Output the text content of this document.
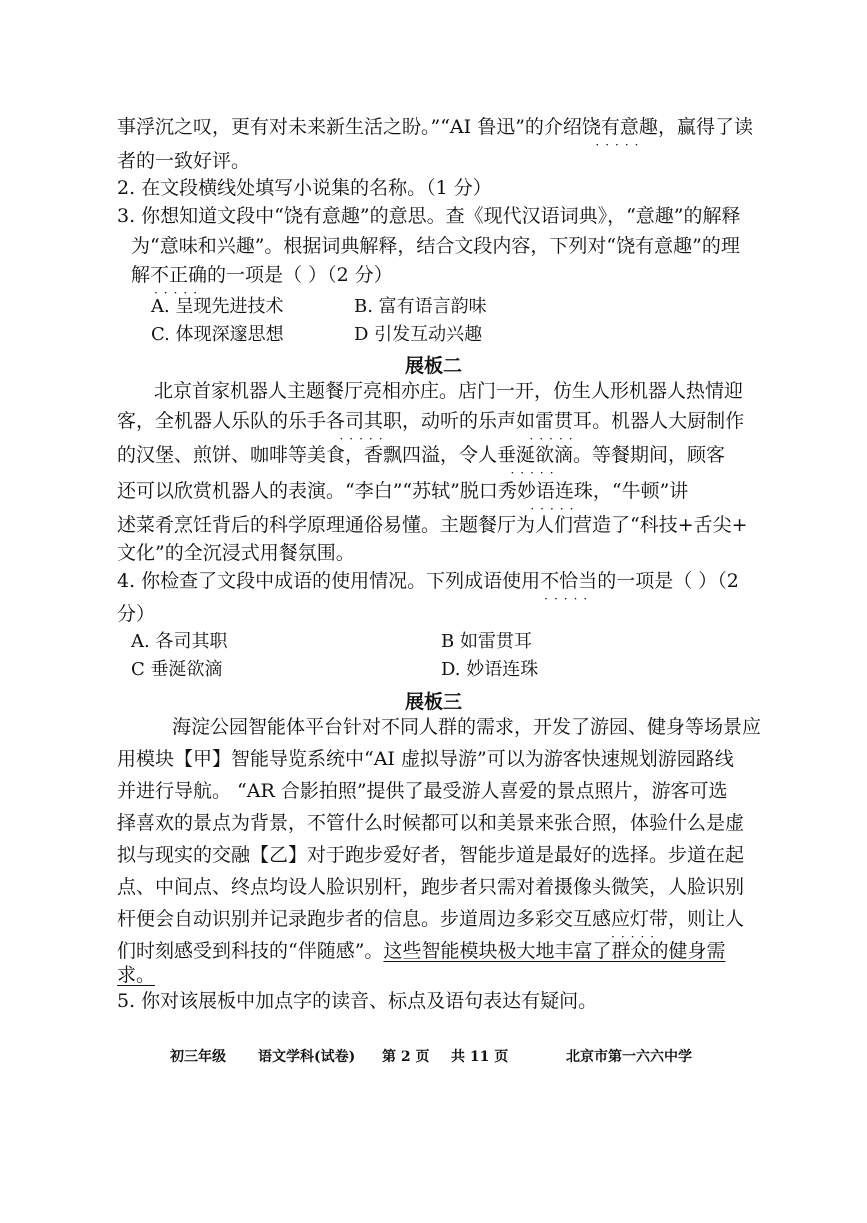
事浮沉之叹，更有对未来新生活之盼。”“AI 鲁迅”的介绍饶有意趣 ·····，赢得了读
者的一致好评。
2. 在文段横线处填写小说集的名称。（1 分）
3. 你想知道文段中“饶有意趣”的意思。查《现代汉语词典》，“意趣”的解释
为“意味和兴趣”。根据词典解释，结合文段内容，下列对“饶有意趣”的理
解不正确 ·····的一项是（ ）（2 分）
A. 呈现先进技术	B. 富有语言韵味
C. 体现深邃思想	D 引发互动兴趣
展板二
北京首家机器人主题餐厅亮相亦庄。店门一开，仿生人形机器人热情迎
客，全机器人乐队的乐手各司其职 ·····，动听的乐声如雷贯耳 ·····。机器人大厨制作
的汉堡、煎饼、咖啡等美食，香飘四溢，令人垂涎欲滴 ·····。等餐期间，顾客
还可以欣赏机器人的表演。“李白”“苏轼”脱口秀妙语连珠 ·····，“牛顿”讲
述菜肴烹饪背后的科学原理通俗易懂。主题餐厅为人们营造了“科技+舌尖+
文化”的全沉浸式用餐氛围。
4. 你检查了文段中成语的使用情况。下列成语使用不恰当 ·····的一项是（ ）（2
分）
A. 各司其职	B 如雷贯耳
C 垂涎欲滴	D. 妙语连珠
展板三
海淀公园智能体平台针对不同人群的需求，开发了游园、健身等场景应
用模块【甲】智能导览系统中“AI 虚拟导游”可以为游客快速规划游园路线
并进行导航。 “AR 合影拍照”提供了最受游人喜爱的景点照片，游客可选
择喜欢的景点为背景，不管什么时候都可以和美景来张合照，体验什么是虚
拟与现实的交融【乙】对于跑步爱好者，智能步道是最好的选择。步道在起
点、中间点、终点均设人脸识别杆，跑步者只需对着摄像头微笑，人脸识别
杆便会自动识别并记录跑步者的信息。步道周边多彩交互感应 ·····灯带，则让人
们时刻感受到科技的“伴随感”。这些智能模块极大地丰富了群众的健身需
求。
5. 你对该展板中加点字的读音、标点及语句表达有疑问。
初三年级 语文学科(试卷) 第 2 页 共 11 页	北京市第一六六中学
